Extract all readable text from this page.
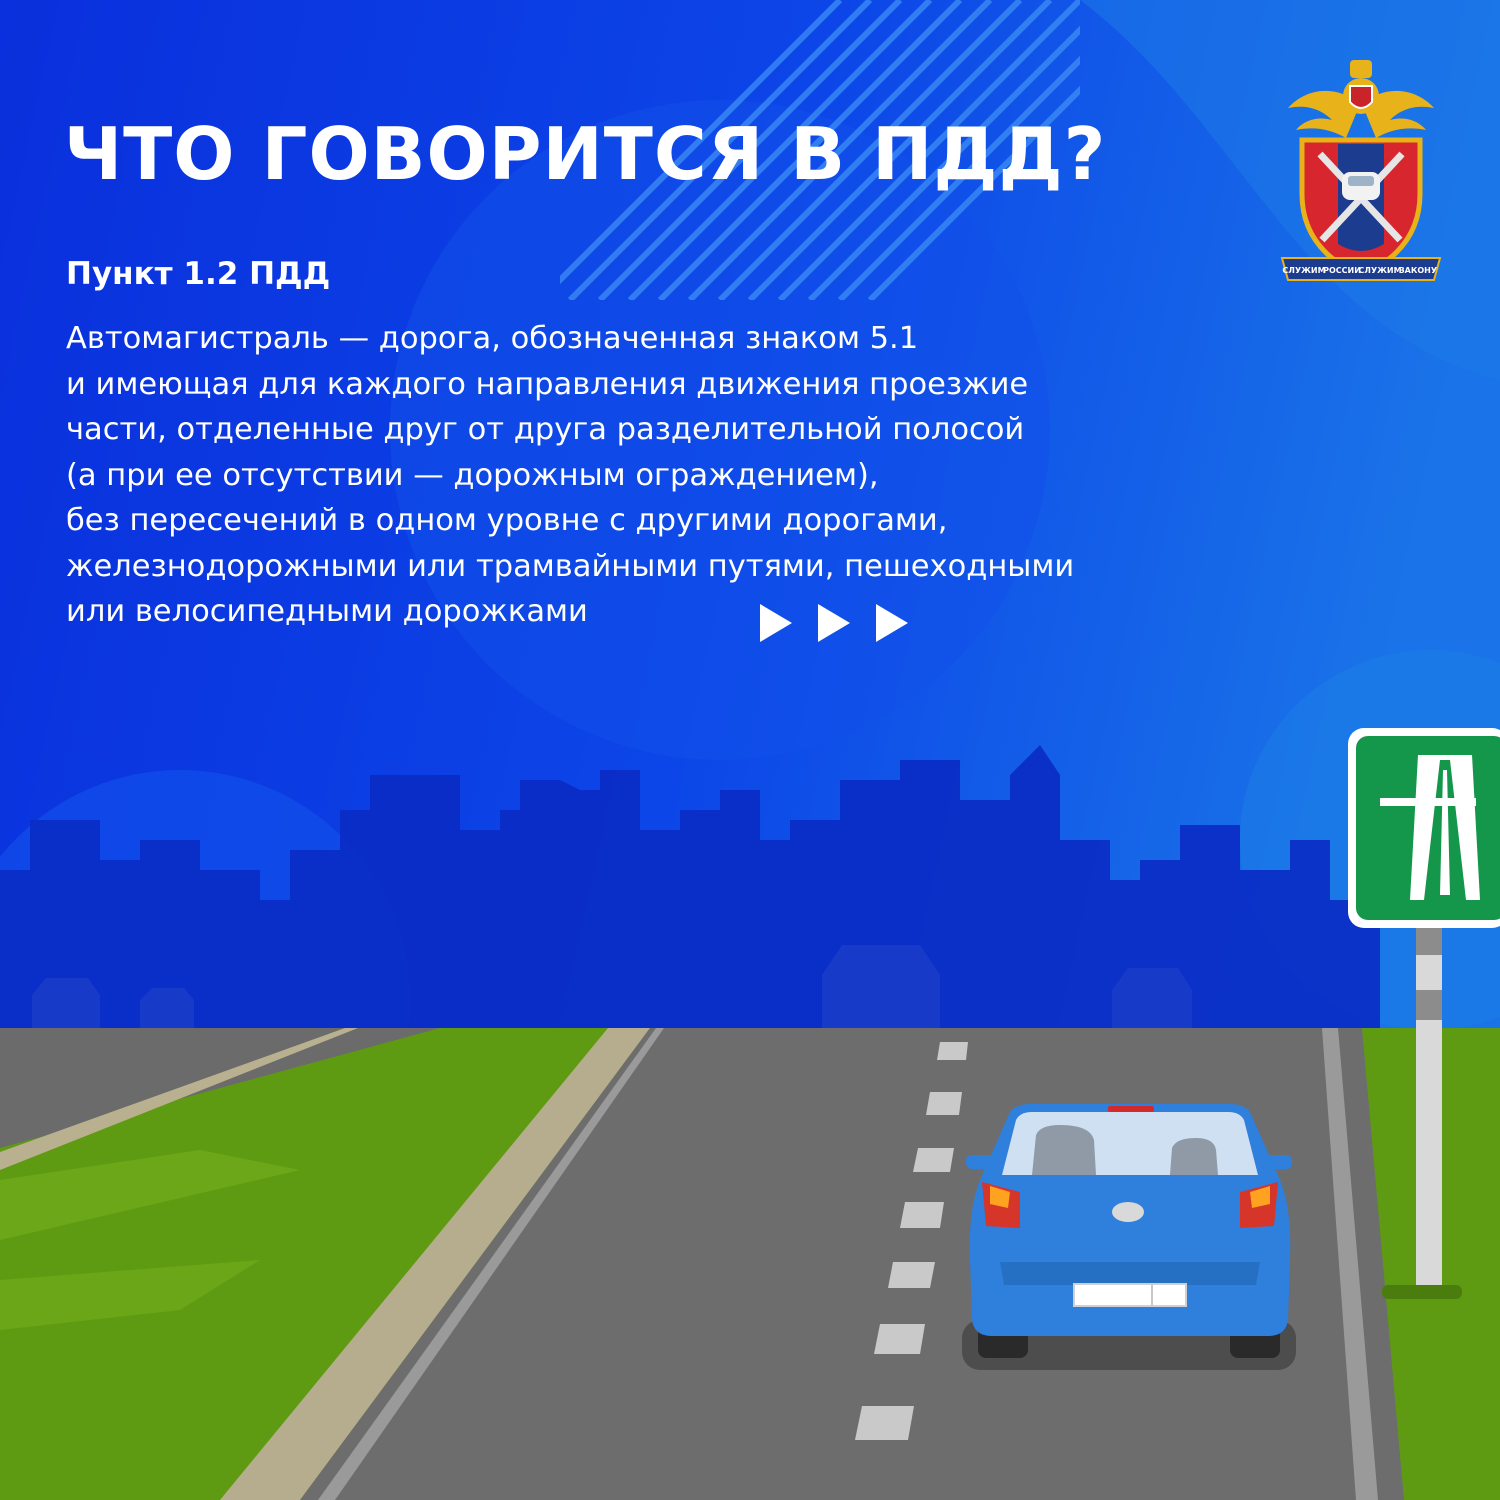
ЧТО ГОВОРИТСЯ В ПДД?
Пункт 1.2 ПДД
Автомагистраль — дорога, обозначенная знаком 5.1
и имеющая для каждого направления движения проезжие
части, отделенные друг от друга разделительной полосой
(а при ее отсутствии — дорожным ограждением),
без пересечений в одном уровне с другими дорогами,
железнодорожными или трамвайными путями, пешеходными
или велосипедными дорожками
СЛУЖИМ
РОССИИ
СЛУЖИМ
ЗАКОНУ
